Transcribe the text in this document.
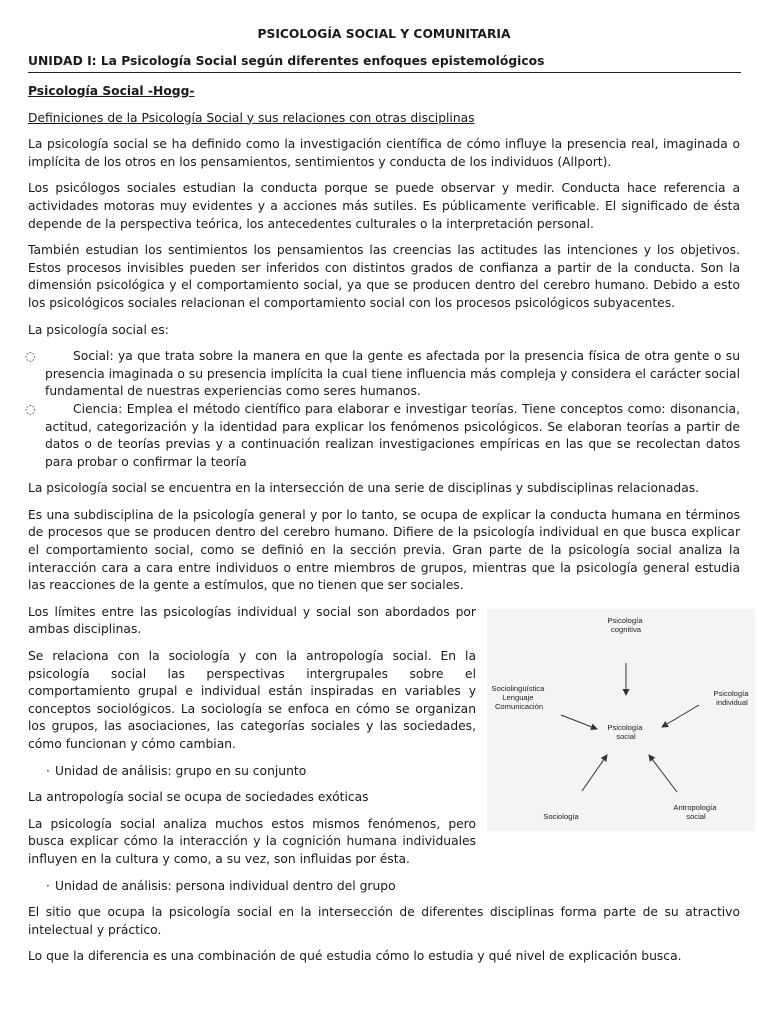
PSICOLOGÍA SOCIAL Y COMUNITARIA

UNIDAD I: La Psicología Social según diferentes enfoques epistemológicos

Psicología Social -Hogg-

Definiciones de la Psicología Social y sus relaciones con otras disciplinas

La psicología social se ha definido como la investigación científica de cómo influye la presencia real, imaginada o implícita de los otros en los pensamientos, sentimientos y conducta de los individuos (Allport).

Los psicólogos sociales estudian la conducta porque se puede observar y medir. Conducta hace referencia a actividades motoras muy evidentes y a acciones más sutiles. Es públicamente verificable. El significado de ésta depende de la perspectiva teórica, los antecedentes culturales o la interpretación personal.

También estudian los sentimientos los pensamientos las creencias las actitudes las intenciones y los objetivos. Estos procesos invisibles pueden ser inferidos con distintos grados de confianza a partir de la conducta. Son la dimensión psicológica y el comportamiento social, ya que se producen dentro del cerebro humano. Debido a esto los psicológicos sociales relacionan el comportamiento social con los procesos psicológicos subyacentes.

La psicología social es:

◌	Social: ya que trata sobre la manera en que la gente es afectada por la presencia física de otra gente o su presencia imaginada o su presencia implícita la cual tiene influencia más compleja y considera el carácter social fundamental de nuestras experiencias como seres humanos.
◌	Ciencia: Emplea el método científico para elaborar e investigar teorías. Tiene conceptos como: disonancia, actitud, categorización y la identidad para explicar los fenómenos psicológicos. Se elaboran teorías a partir de datos o de teorías previas y a continuación realizan investigaciones empíricas en las que se recolectan datos para probar o confirmar la teoría

La psicología social se encuentra en la intersección de una serie de disciplinas y subdisciplinas relacionadas.

Es una subdisciplina de la psicología general y por lo tanto, se ocupa de explicar la conducta humana en términos de procesos que se producen dentro del cerebro humano. Difiere de la psicología individual en que busca explicar el comportamiento social, como se definió en la sección previa. Gran parte de la psicología social analiza la interacción cara a cara entre individuos o entre miembros de grupos, mientras que la psicología general estudia las reacciones de la gente a estímulos, que no tienen que ser sociales.

Los límites entre las psicologías individual y social son abordados por ambas disciplinas.

Se relaciona con la sociología y con la antropología social. En la psicología social las perspectivas intergrupales sobre el comportamiento grupal e individual están inspiradas en variables y conceptos sociológicos. La sociología se enfoca en cómo se organizan los grupos, las asociaciones, las categorías sociales y las sociedades, cómo funcionan y cómo cambian.

· Unidad de análisis: grupo en su conjunto

La antropología social se ocupa de sociedades exóticas

La psicología social analiza muchos estos mismos fenómenos, pero busca explicar cómo la interacción y la cognición humana individuales influyen en la cultura y como, a su vez, son influidas por ésta.

· Unidad de análisis: persona individual dentro del grupo

El sitio que ocupa la psicología social en la intersección de diferentes disciplinas forma parte de su atractivo intelectual y práctico.

Lo que la diferencia es una combinación de qué estudia cómo lo estudia y qué nivel de explicación busca.

Psicología social
Psicología cognitiva
Psicología individual
Sociolingüística Lenguaje Comunicación
Sociología
Antropología social
